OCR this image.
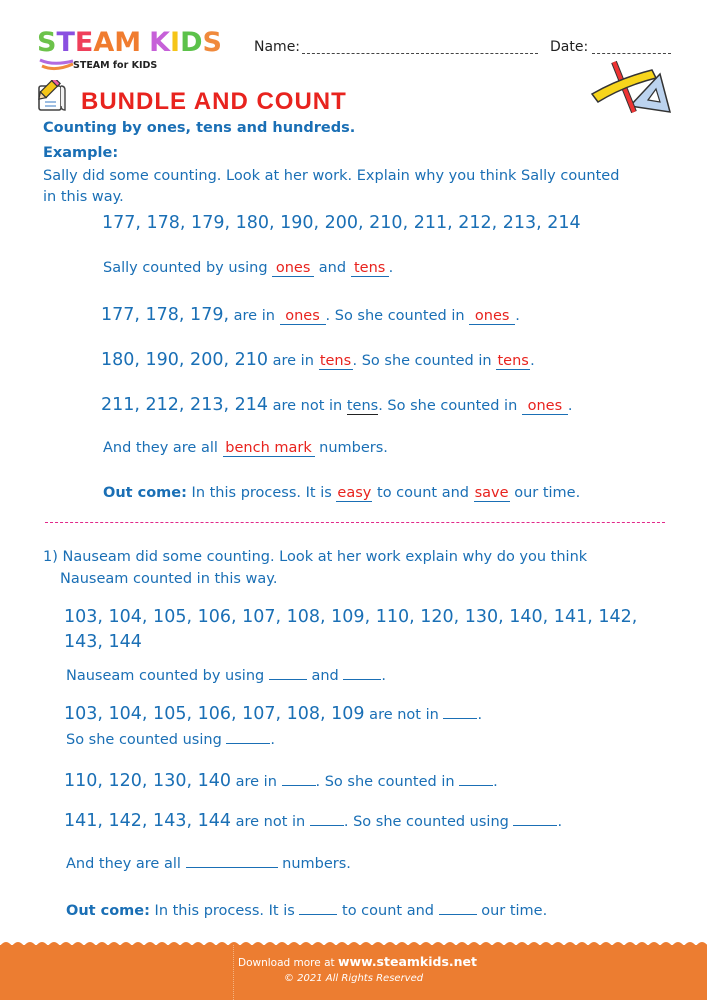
STEAM KIDS
STEAM for KIDS
Name:	Date:
BUNDLE AND COUNT
Counting by ones, tens and hundreds.
Example:
Sally did some counting. Look at her work. Explain why you think Sally counted
in this way.
177, 178, 179, 180, 190, 200, 210, 211, 212, 213, 214
Sally counted by using ones and tens .
177, 178, 179, are in ones . So she counted in ones .
180, 190, 200, 210 are in tens. So she counted in tens.
211, 212, 213, 214 are not in tens. So she counted in ones .
And they are all bench mark numbers.
Out come: In this process. It is easy to count and save our time.
1) Nauseam did some counting. Look at her work explain why do you think
Nauseam counted in this way.
103, 104, 105, 106, 107, 108, 109, 110, 120, 130, 140, 141, 142,
143, 144
Nauseam counted by using	and	.
103, 104, 105, 106, 107, 108, 109 are not in .
So she counted using	.
110, 120, 130, 140 are in . So she counted in .
141, 142, 143, 144 are not in . So she counted using	.
And they are all	numbers.
Out come: In this process. It is	to count and	our time.
Download more at www.steamkids.net
© 2021 All Rights Reserved
